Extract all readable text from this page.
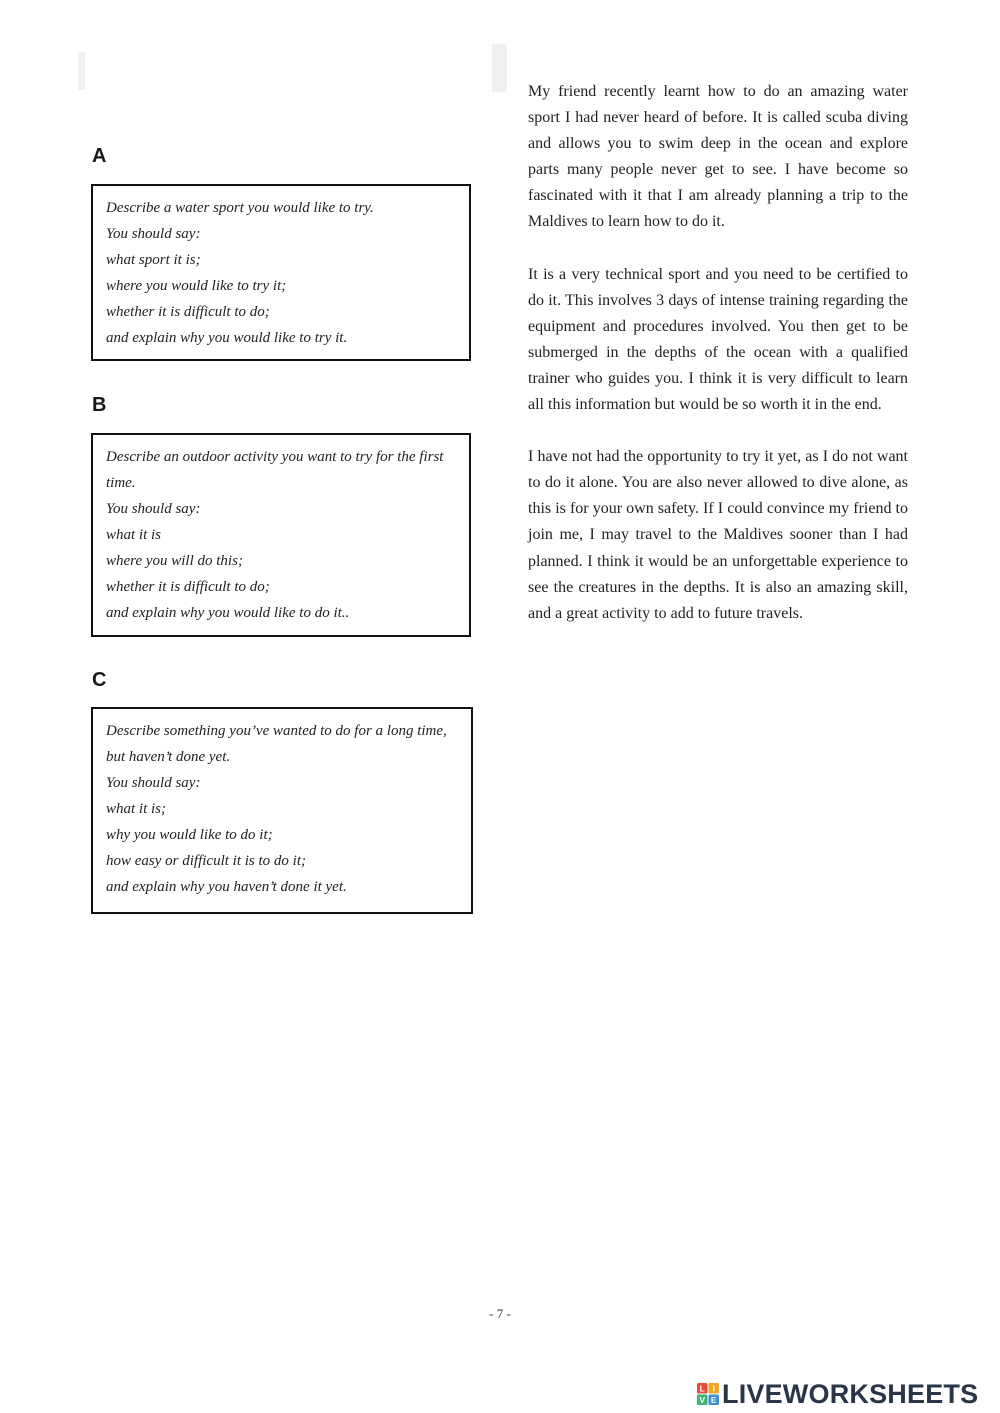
A
Describe a water sport you would like to try.
You should say:
what sport it is;
where you would like to try it;
whether it is difficult to do;
and explain why you would like to try it.
B
Describe an outdoor activity you want to try for the first
time.
You should say:
what it is
where you will do this;
whether it is difficult to do;
and explain why you would like to do it..
C
Describe something you’ve wanted to do for a long time,
but haven’t done yet.
You should say:
what it is;
why you would like to do it;
how easy or difficult it is to do it;
and explain why you haven’t done it yet.

My friend recently learnt how to do an amazing water sport I had never heard of before. It is called scuba diving and allows you to swim deep in the ocean and explore parts many people never get to see. I have become so fascinated with it that I am already planning a trip to the Maldives to learn how to do it.

It is a very technical sport and you need to be certified to do it. This involves 3 days of intense training regarding the equipment and procedures involved. You then get to be submerged in the depths of the ocean with a qualified trainer who guides you. I think it is very difficult to learn all this information but would be so worth it in the end.

I have not had the opportunity to try it yet, as I do not want to do it alone. You are also never allowed to dive alone, as this is for your own safety. If I could convince my friend to join me, I may travel to the Maldives sooner than I had planned. I think it would be an unforgettable experience to see the creatures in the depths. It is also an amazing skill, and a great activity to add to future travels.

- 7 -
L I
V E LIVEWORKSHEETS
